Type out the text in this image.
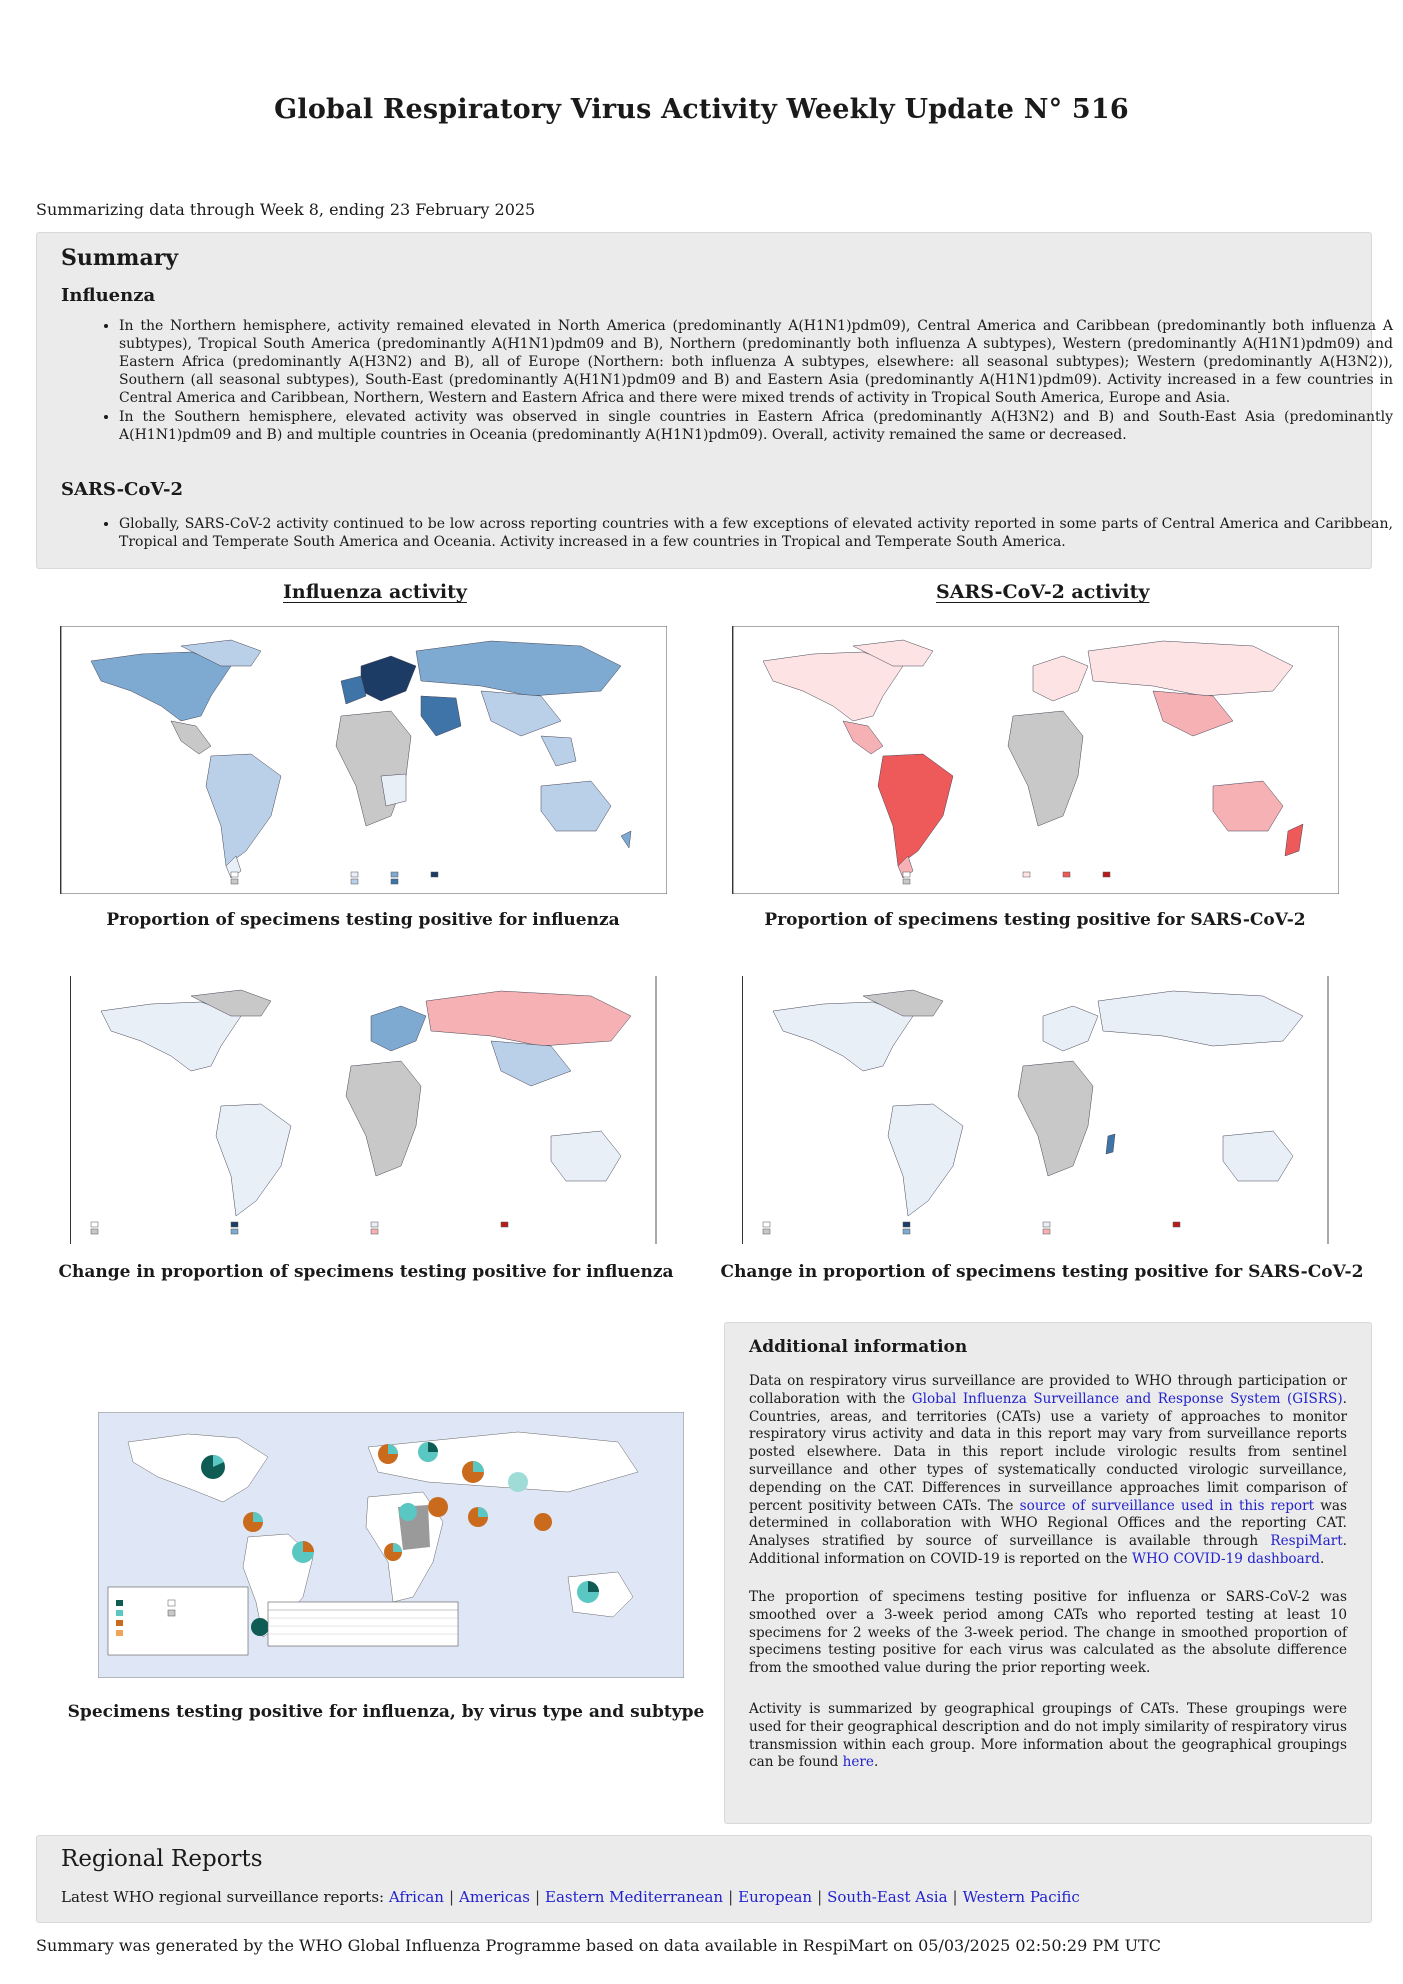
Global Respiratory Virus Activity Weekly Update N° 516
Summarizing data through Week 8, ending 23 February 2025
Summary
Influenza
• In the Northern hemisphere, activity remained elevated in North America (predominantly A(H1N1)pdm09), Central America and Caribbean (predominantly both influenza A subtypes), Tropical South America (predominantly A(H1N1)pdm09 and B), Northern (predominantly both influenza A subtypes), Western (predominantly A(H1N1)pdm09) and Eastern Africa (predominantly A(H3N2) and B), all of Europe (Northern: both influenza A subtypes, elsewhere: all seasonal subtypes); Western (predominantly A(H3N2)), Southern (all seasonal subtypes), South-East (predominantly A(H1N1)pdm09 and B) and Eastern Asia (predominantly A(H1N1)pdm09). Activity increased in a few countries in Central America and Caribbean, Northern, Western and Eastern Africa and there were mixed trends of activity in Tropical South America, Europe and Asia.
• In the Southern hemisphere, elevated activity was observed in single countries in Eastern Africa (predominantly A(H3N2) and B) and South-East Asia (predominantly A(H1N1)pdm09 and B) and multiple countries in Oceania (predominantly A(H1N1)pdm09). Overall, activity remained the same or decreased.
SARS-CoV-2
• Globally, SARS-CoV-2 activity continued to be low across reporting countries with a few exceptions of elevated activity reported in some parts of Central America and Caribbean, Tropical and Temperate South America and Oceania. Activity increased in a few countries in Tropical and Temperate South America.
Influenza activity	SARS-CoV-2 activity
Proportion of specimens testing positive for influenza	Proportion of specimens testing positive for SARS-CoV-2
Change in proportion of specimens testing positive for influenza	Change in proportion of specimens testing positive for SARS-CoV-2
Specimens testing positive for influenza, by virus type and subtype
Additional information
Data on respiratory virus surveillance are provided to WHO through participation or collaboration with the Global Influenza Surveillance and Response System (GISRS). Countries, areas, and territories (CATs) use a variety of approaches to monitor respiratory virus activity and data in this report may vary from surveillance reports posted elsewhere. Data in this report include virologic results from sentinel surveillance and other types of systematically conducted virologic surveillance, depending on the CAT. Differences in surveillance approaches limit comparison of percent positivity between CATs. The source of surveillance used in this report was determined in collaboration with WHO Regional Offices and the reporting CAT. Analyses stratified by source of surveillance is available through RespiMart. Additional information on COVID-19 is reported on the WHO COVID-19 dashboard.
The proportion of specimens testing positive for influenza or SARS-CoV-2 was smoothed over a 3-week period among CATs who reported testing at least 10 specimens for 2 weeks of the 3-week period. The change in smoothed proportion of specimens testing positive for each virus was calculated as the absolute difference from the smoothed value during the prior reporting week.
Activity is summarized by geographical groupings of CATs. These groupings were used for their geographical description and do not imply similarity of respiratory virus transmission within each group. More information about the geographical groupings can be found here.
Regional Reports
Latest WHO regional surveillance reports: African | Americas | Eastern Mediterranean | European | South-East Asia | Western Pacific
Summary was generated by the WHO Global Influenza Programme based on data available in RespiMart on 05/03/2025 02:50:29 PM UTC
